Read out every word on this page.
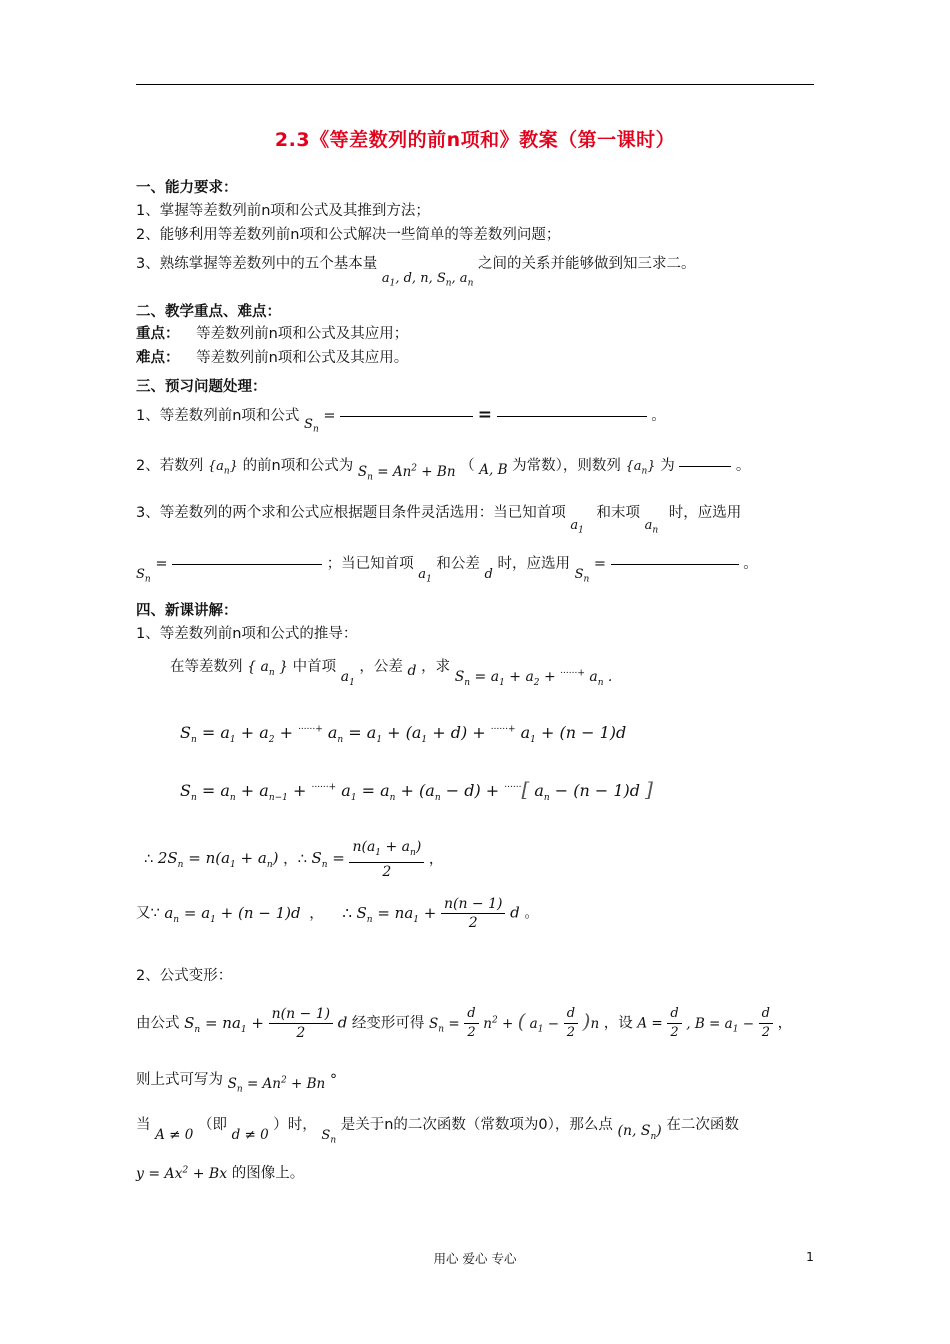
2.3《等差数列的前n项和》教案（第一课时）
一、能力要求：
1、掌握等差数列前n项和公式及其推到方法；
2、能够利用等差数列前n项和公式解决一些简单的等差数列问题；
3、熟练掌握等差数列中的五个基本量 $a_1$, d, n, $S_n$, $a_n$ 之间的关系并能够做到知三求二。
二、教学重点、难点：
重点： 等差数列前n项和公式及其应用；
难点： 等差数列前n项和公式及其应用。
三、预习问题处理：
1、等差数列前n项和公式 $S_n$ =	=	。
2、若数列 $\{a_n\}$ 的前n项和公式为 $S_n = An^2 + Bn$ （ A, B 为常数），则数列 $\{a_n\}$ 为	。
3、等差数列的两个求和公式应根据题目条件灵活选用：当已知首项 $a_1$ 和末项 $a_n$ 时，应选用
$S_n$ =	；当已知首项 $a_1$ 和公差 d 时，应选用 $S_n$ =	。
四、新课讲解：
1、等差数列前n项和公式的推导：
在等差数列 { $a_n$ } 中首项 $a_1$ ，公差 d ，求 $S_n = a_1 + a_2 + ^{\cdot\cdot\cdot\cdot\cdot\cdot+}$ $a_n$ .
$S_n = a_1 + a_2 + ^{\cdot\cdot\cdot\cdot\cdot\cdot+}$ $a_n = a_1 + (a_1 + d) + ^{\cdot\cdot\cdot\cdot\cdot\cdot+}$ $a_1 + (n - 1)d$
$S_n = a_n + a_{n-1} + ^{\cdot\cdot\cdot\cdot\cdot\cdot+}$ $a_1 = a_n + (a_n - d) + ^{\cdot\cdot\cdot\cdot\cdot\cdot}$[ $a_n - (n - 1)d$ ]
∴ $2S_n = n(a_1 + a_n)$ ，∴ $S_n = \frac{n(a_1 + a_n)}{2}$ ，
又∵ $a_n = a_1 + (n - 1)d$ ， ∴ $S_n = na_1 + \frac{n(n - 1)}{2}$ d 。
2、公式变形：
由公式 $S_n = na_1 + \frac{n(n - 1)}{2}$ d 经变形可得 $S_n = \frac{d}{2} n^2$ + ( $a_1 - \frac{d}{2} )n$ ，设 $A = \frac{d}{2}$ , $B = a_1 - \frac{d}{2}$ ，
则上式可写为 $S_n = An^2 + Bn$ °
当 A ≠ 0 （即 d ≠ 0 ）时， $S_n$ 是关于n的二次函数（常数项为0），那么点 (n, $S_n$) 在二次函数
$y = Ax^2 + Bx$ 的图像上。
用心 爱心 专心	1
